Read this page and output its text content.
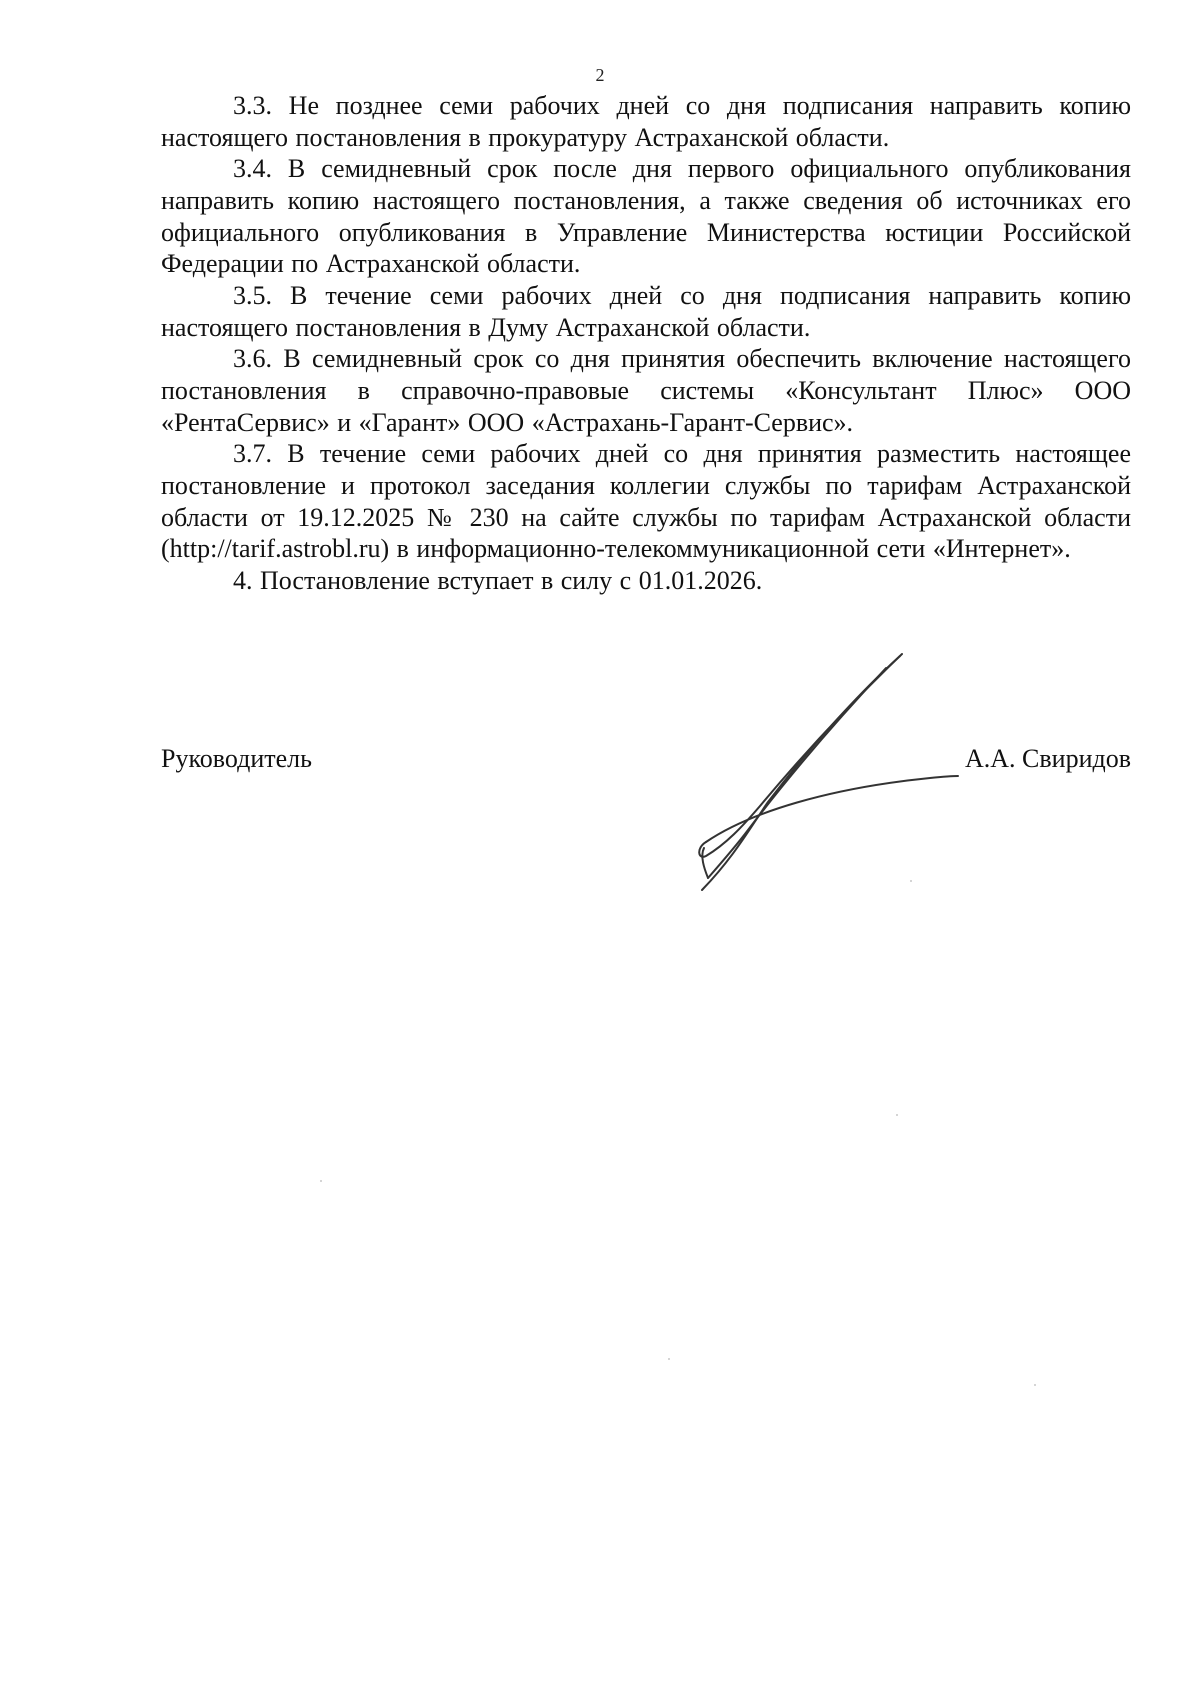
2

3.3. Не позднее семи рабочих дней со дня подписания направить копию настоящего постановления в прокуратуру Астраханской области.

3.4. В семидневный срок после дня первого официального опубликования направить копию настоящего постановления, а также сведения об источниках его официального опубликования в Управление Министерства юстиции Российской Федерации по Астраханской области.

3.5. В течение семи рабочих дней со дня подписания направить копию настоящего постановления в Думу Астраханской области.

3.6. В семидневный срок со дня принятия обеспечить включение настоящего постановления в справочно-правовые системы «Консультант Плюс» ООО «РентаСервис» и «Гарант» ООО «Астрахань-Гарант-Сервис».

3.7. В течение семи рабочих дней со дня принятия разместить настоящее постановление и протокол заседания коллегии службы по тарифам Астраханской области от 19.12.2025 № 230 на сайте службы по тарифам Астраханской области (http://tarif.astrobl.ru) в информационно-телекоммуникационной сети «Интернет».

4. Постановление вступает в силу с 01.01.2026.

Руководитель	А.А. Свиридов
